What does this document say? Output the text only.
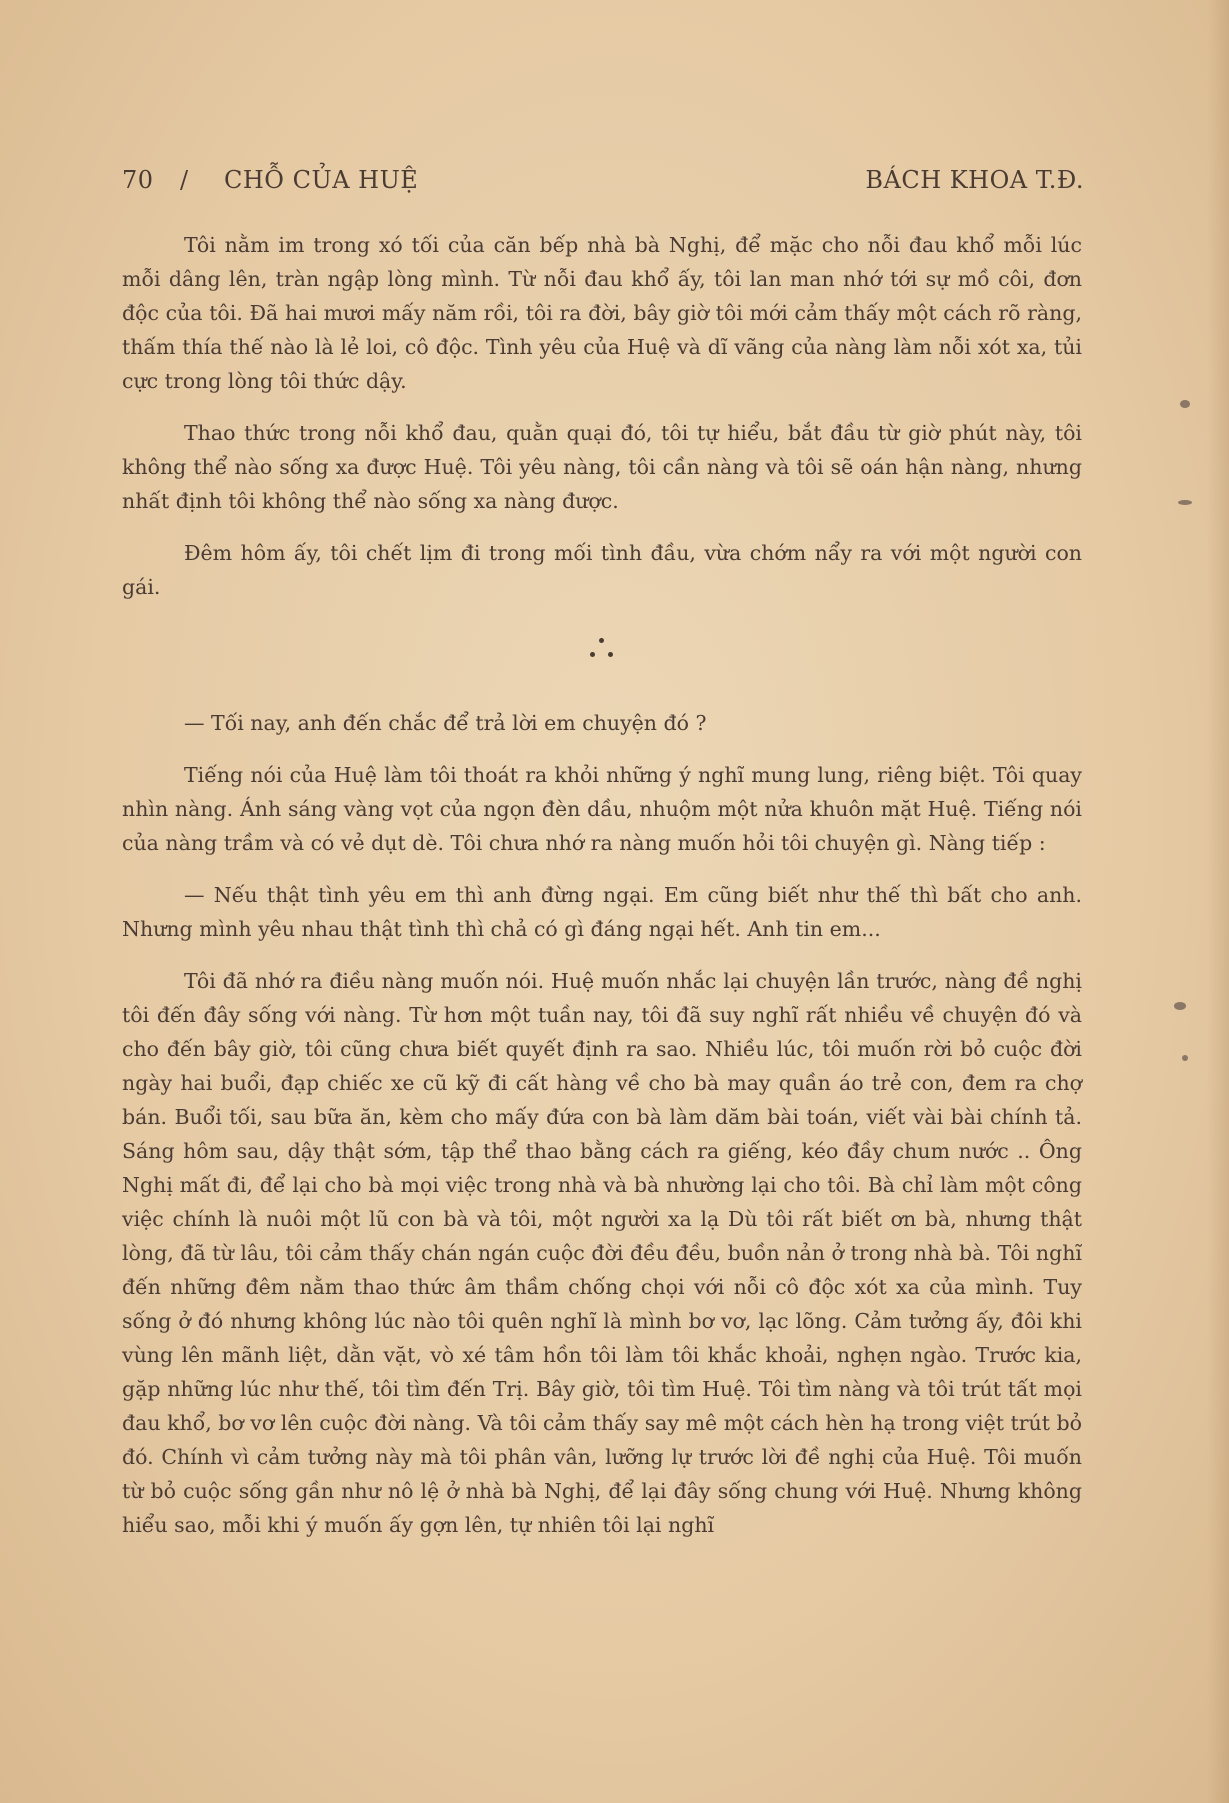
70 / CHỖ CỦA HUỆ	BÁCH KHOA T.Đ.

Tôi nằm im trong xó tối của căn bếp nhà bà Nghị, để mặc cho nỗi đau khổ mỗi lúc mỗi dâng lên, tràn ngập lòng mình. Từ nỗi đau khổ ấy, tôi lan man nhớ tới sự mồ côi, đơn độc của tôi. Đã hai mươi mấy năm rồi, tôi ra đời, bây giờ tôi mới cảm thấy một cách rõ ràng, thấm thía thế nào là lẻ loi, cô độc. Tình yêu của Huệ và dĩ vãng của nàng làm nỗi xót xa, tủi cực trong lòng tôi thức dậy.

Thao thức trong nỗi khổ đau, quằn quại đó, tôi tự hiểu, bắt đầu từ giờ phút này, tôi không thể nào sống xa được Huệ. Tôi yêu nàng, tôi cần nàng và tôi sẽ oán hận nàng, nhưng nhất định tôi không thể nào sống xa nàng được.

Đêm hôm ấy, tôi chết lịm đi trong mối tình đầu, vừa chớm nẩy ra với một người con gái.

— Tối nay, anh đến chắc để trả lời em chuyện đó ?

Tiếng nói của Huệ làm tôi thoát ra khỏi những ý nghĩ mung lung, riêng biệt. Tôi quay nhìn nàng. Ánh sáng vàng vọt của ngọn đèn dầu, nhuộm một nửa khuôn mặt Huệ. Tiếng nói của nàng trầm và có vẻ dụt dè. Tôi chưa nhớ ra nàng muốn hỏi tôi chuyện gì. Nàng tiếp :

— Nếu thật tình yêu em thì anh đừng ngại. Em cũng biết như thế thì bất cho anh. Nhưng mình yêu nhau thật tình thì chả có gì đáng ngại hết. Anh tin em...

Tôi đã nhớ ra điều nàng muốn nói. Huệ muốn nhắc lại chuyện lần trước, nàng đề nghị tôi đến đây sống với nàng. Từ hơn một tuần nay, tôi đã suy nghĩ rất nhiều về chuyện đó và cho đến bây giờ, tôi cũng chưa biết quyết định ra sao. Nhiều lúc, tôi muốn rời bỏ cuộc đời ngày hai buổi, đạp chiếc xe cũ kỹ đi cất hàng về cho bà may quần áo trẻ con, đem ra chợ bán. Buổi tối, sau bữa ăn, kèm cho mấy đứa con bà làm dăm bài toán, viết vài bài chính tả. Sáng hôm sau, dậy thật sớm, tập thể thao bằng cách ra giếng, kéo đầy chum nước .. Ông Nghị mất đi, để lại cho bà mọi việc trong nhà và bà nhường lại cho tôi. Bà chỉ làm một công việc chính là nuôi một lũ con bà và tôi, một người xa lạ Dù tôi rất biết ơn bà, nhưng thật lòng, đã từ lâu, tôi cảm thấy chán ngán cuộc đời đều đều, buồn nản ở trong nhà bà. Tôi nghĩ đến những đêm nằm thao thức âm thầm chống chọi với nỗi cô độc xót xa của mình. Tuy sống ở đó nhưng không lúc nào tôi quên nghĩ là mình bơ vơ, lạc lõng. Cảm tưởng ấy, đôi khi vùng lên mãnh liệt, dằn vặt, vò xé tâm hồn tôi làm tôi khắc khoải, nghẹn ngào. Trước kia, gặp những lúc như thế, tôi tìm đến Trị. Bây giờ, tôi tìm Huệ. Tôi tìm nàng và tôi trút tất mọi đau khổ, bơ vơ lên cuộc đời nàng. Và tôi cảm thấy say mê một cách hèn hạ trong việt trút bỏ đó. Chính vì cảm tưởng này mà tôi phân vân, lưỡng lự trước lời đề nghị của Huệ. Tôi muốn từ bỏ cuộc sống gần như nô lệ ở nhà bà Nghị, để lại đây sống chung với Huệ. Nhưng không hiểu sao, mỗi khi ý muốn ấy gợn lên, tự nhiên tôi lại nghĩ
